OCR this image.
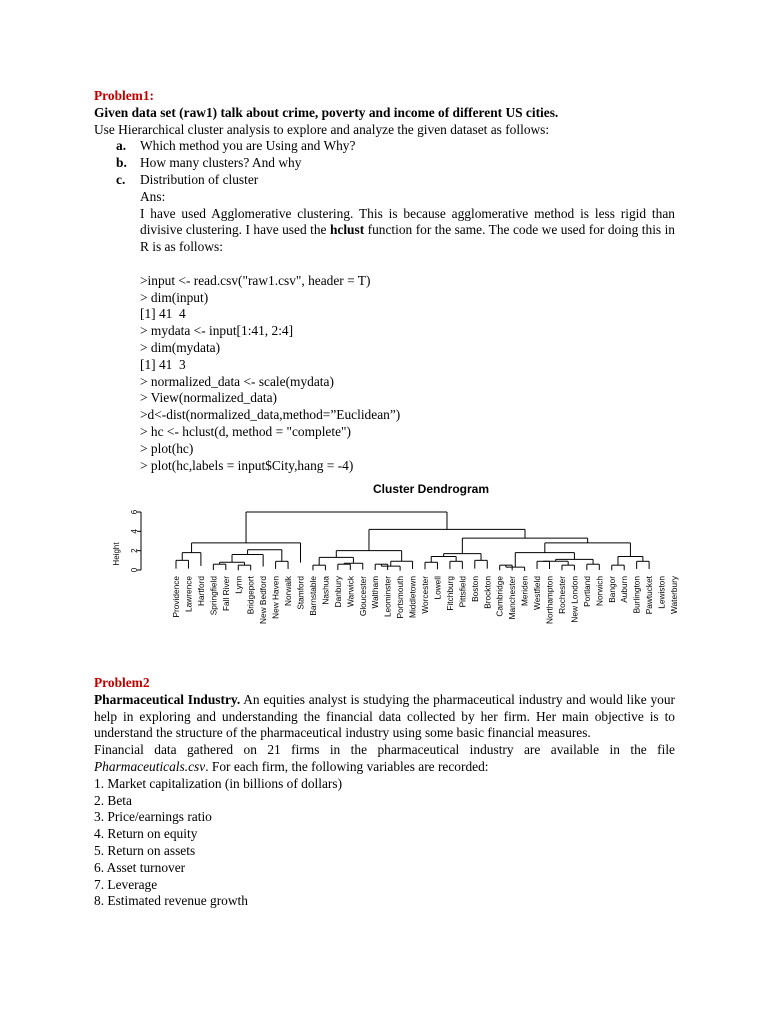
Problem1:

Given data set (raw1) talk about crime, poverty and income of different US cities.

Use Hierarchical cluster analysis to explore and analyze the given dataset as follows:

a. Which method you are Using and Why?
b. How many clusters? And why
c. Distribution of cluster

Ans:

I have used Agglomerative clustering. This is because agglomerative method is less rigid than divisive clustering. I have used the hclust function for the same. The code we used for doing this in R is as follows:

>input <- read.csv("raw1.csv", header = T)
> dim(input)
[1] 41  4
> mydata <- input[1:41, 2:4]
> dim(mydata)
[1] 41  3
> normalized_data <- scale(mydata)
> View(normalized_data)
>d<-dist(normalized_data,method=”Euclidean”)
> hc <- hclust(d, method = "complete")
> plot(hc)
> plot(hc,labels = input$City,hang = -4)
Cluster Dendrogram
0
2
4
6
Height
Providence Lawrence Hartford Springfield Fall River Lynn Bridgeport New Bedford New Haven Norwalk Stamford Barnstable Nashua Danbury Warwick Gloucester Waltham Leominster Portsmouth Middletown Worcester Lowell Fitchburg Pittsfield Boston Brockton Cambridge Manchester Meriden Westfield Northampton Rochester New London Portland Norwich Bangor Auburn Burlington Pawtucket Lewiston Waterbury

Problem2

Pharmaceutical Industry. An equities analyst is studying the pharmaceutical industry and would like your help in exploring and understanding the financial data collected by her firm. Her main objective is to understand the structure of the pharmaceutical industry using some basic financial measures.

Financial data gathered on 21 firms in the pharmaceutical industry are available in the file Pharmaceuticals.csv. For each firm, the following variables are recorded:

1. Market capitalization (in billions of dollars)

2. Beta

3. Price/earnings ratio

4. Return on equity

5. Return on assets

6. Asset turnover

7. Leverage

8. Estimated revenue growth
